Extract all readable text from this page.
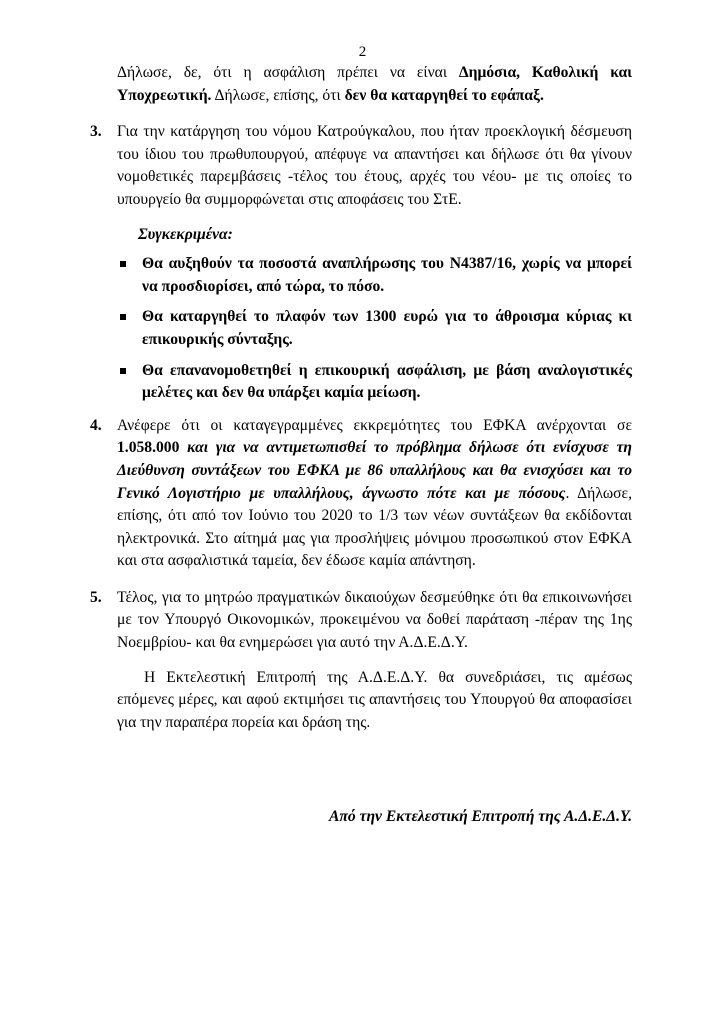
2

Δήλωσε, δε, ότι η ασφάλιση πρέπει να είναι Δημόσια, Καθολική και Υποχρεωτική. Δήλωσε, επίσης, ότι δεν θα καταργηθεί το εφάπαξ.

3. Για την κατάργηση του νόμου Κατρούγκαλου, που ήταν προεκλογική δέσμευση του ίδιου του πρωθυπουργού, απέφυγε να απαντήσει και δήλωσε ότι θα γίνουν νομοθετικές παρεμβάσεις -τέλος του έτους, αρχές του νέου- με τις οποίες το υπουργείο θα συμμορφώνεται στις αποφάσεις του ΣτΕ.

Συγκεκριμένα:

Θα αυξηθούν τα ποσοστά αναπλήρωσης του Ν4387/16, χωρίς να μπορεί να προσδιορίσει, από τώρα, το πόσο.
Θα καταργηθεί το πλαφόν των 1300 ευρώ για το άθροισμα κύριας κι επικουρικής σύνταξης.
Θα επανανομοθετηθεί η επικουρική ασφάλιση, με βάση αναλογιστικές μελέτες και δεν θα υπάρξει καμία μείωση.
4. Ανέφερε ότι οι καταγεγραμμένες εκκρεμότητες του ΕΦΚΑ ανέρχονται σε 1.058.000 και για να αντιμετωπισθεί το πρόβλημα δήλωσε ότι ενίσχυσε τη Διεύθυνση συντάξεων του ΕΦΚΑ με 86 υπαλλήλους και θα ενισχύσει και το Γενικό Λογιστήριο με υπαλλήλους, άγνωστο πότε και με πόσους. Δήλωσε, επίσης, ότι από τον Ιούνιο του 2020 το 1/3 των νέων συντάξεων θα εκδίδονται ηλεκτρονικά. Στο αίτημά μας για προσλήψεις μόνιμου προσωπικού στον ΕΦΚΑ και στα ασφαλιστικά ταμεία, δεν έδωσε καμία απάντηση.

5. Τέλος, για το μητρώο πραγματικών δικαιούχων δεσμεύθηκε ότι θα επικοινωνήσει με τον Υπουργό Οικονομικών, προκειμένου να δοθεί παράταση -πέραν της 1ης Νοεμβρίου- και θα ενημερώσει για αυτό την Α.Δ.Ε.Δ.Υ.

Η Εκτελεστική Επιτροπή της Α.Δ.Ε.Δ.Υ. θα συνεδριάσει, τις αμέσως επόμενες μέρες, και αφού εκτιμήσει τις απαντήσεις του Υπουργού θα αποφασίσει για την παραπέρα πορεία και δράση της.

Από την Εκτελεστική Επιτροπή της Α.Δ.Ε.Δ.Υ.
